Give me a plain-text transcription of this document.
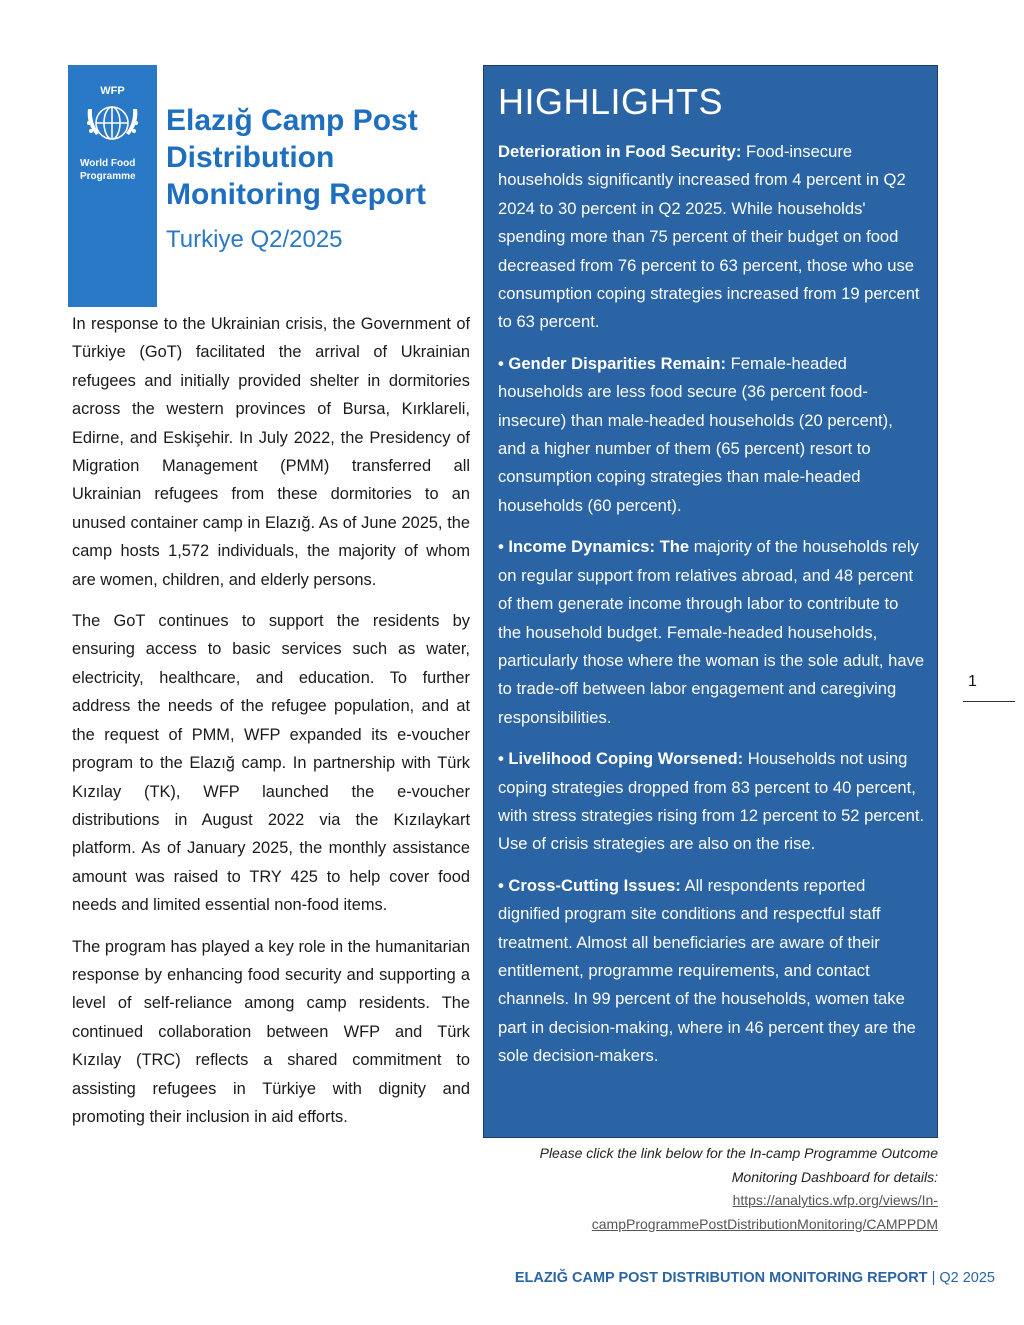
WFP
World Food Programme
Elazığ Camp Post Distribution Monitoring Report
Turkiye Q2/2025

In response to the Ukrainian crisis, the Government of Türkiye (GoT) facilitated the arrival of Ukrainian refugees and initially provided shelter in dormitories across the western provinces of Bursa, Kırklareli, Edirne, and Eskişehir. In July 2022, the Presidency of Migration Management (PMM) transferred all Ukrainian refugees from these dormitories to an unused container camp in Elazığ. As of June 2025, the camp hosts 1,572 individuals, the majority of whom are women, children, and elderly persons.

The GoT continues to support the residents by ensuring access to basic services such as water, electricity, healthcare, and education. To further address the needs of the refugee population, and at the request of PMM, WFP expanded its e-voucher program to the Elazığ camp. In partnership with Türk Kızılay (TK), WFP launched the e-voucher distributions in August 2022 via the Kızılaykart platform. As of January 2025, the monthly assistance amount was raised to TRY 425 to help cover food needs and limited essential non-food items.

The program has played a key role in the humanitarian response by enhancing food security and supporting a level of self-reliance among camp residents. The continued collaboration between WFP and Türk Kızılay (TRC) reflects a shared commitment to assisting refugees in Türkiye with dignity and promoting their inclusion in aid efforts.

HIGHLIGHTS
Deterioration in Food Security: Food-insecure households significantly increased from 4 percent in Q2 2024 to 30 percent in Q2 2025. While households' spending more than 75 percent of their budget on food decreased from 76 percent to 63 percent, those who use consumption coping strategies increased from 19 percent to 63 percent.
• Gender Disparities Remain: Female-headed households are less food secure (36 percent food-insecure) than male-headed households (20 percent), and a higher number of them (65 percent) resort to consumption coping strategies than male-headed households (60 percent).
• Income Dynamics: The majority of the households rely on regular support from relatives abroad, and 48 percent of them generate income through labor to contribute to the household budget. Female-headed households, particularly those where the woman is the sole adult, have to trade-off between labor engagement and caregiving responsibilities.
• Livelihood Coping Worsened: Households not using coping strategies dropped from 83 percent to 40 percent, with stress strategies rising from 12 percent to 52 percent. Use of crisis strategies are also on the rise.
• Cross-Cutting Issues: All respondents reported dignified program site conditions and respectful staff treatment. Almost all beneficiaries are aware of their entitlement, programme requirements, and contact channels. In 99 percent of the households, women take part in decision-making, where in 46 percent they are the sole decision-makers.
Please click the link below for the In-camp Programme Outcome Monitoring Dashboard for details:
https://analytics.wfp.org/views/In-campProgrammePostDistributionMonitoring/CAMPPDM
1
ELAZIĞ CAMP POST DISTRIBUTION MONITORING REPORT | Q2 2025
